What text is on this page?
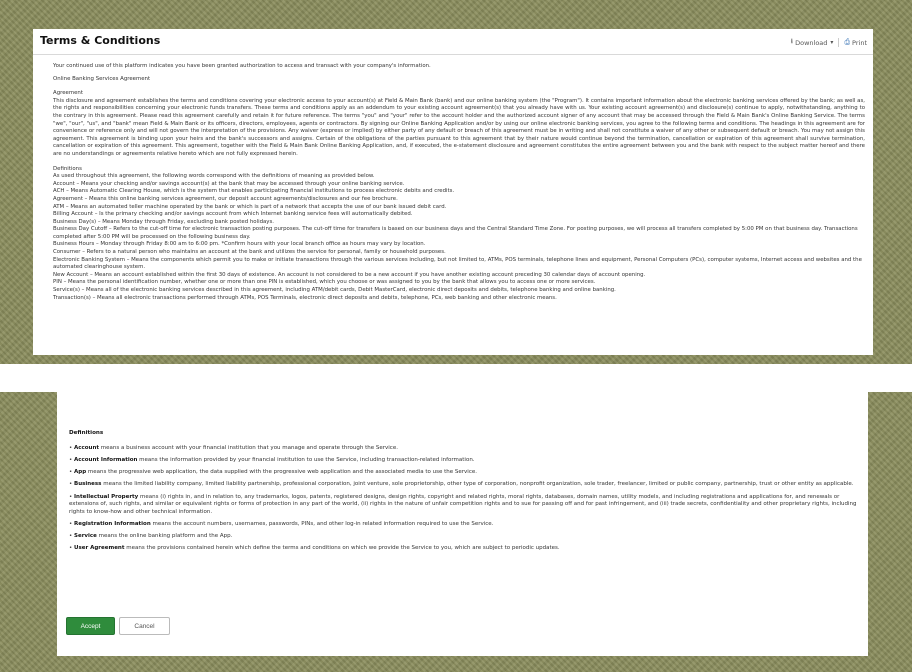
Terms & Conditions	⭳ Download ▾ ⎙ Print

Your continued use of this platform indicates you have been granted authorization to access and transact with your company's information.

Online Banking Services Agreement

Agreement

This disclosure and agreement establishes the terms and conditions covering your electronic access to your account(s) at Field & Main Bank (bank) and our online banking system (the "Program"). It contains important information about the electronic banking services offered by the bank; as well as, the rights and responsibilities concerning your electronic funds transfers. These terms and conditions apply as an addendum to your existing account agreement(s) that you already have with us. Your existing account agreement(s) and disclosure(s) continue to apply, notwithstanding, anything to the contrary in this agreement. Please read this agreement carefully and retain it for future reference. The terms "you" and "your" refer to the account holder and the authorized account signer of any account that may be accessed through the Field & Main Bank's Online Banking Service. The terms "we", "our", "us", and "bank" mean Field & Main Bank or its officers, directors, employees, agents or contractors. By signing our Online Banking Application and/or by using our online electronic banking services, you agree to the following terms and conditions. The headings in this agreement are for convenience or reference only and will not govern the interpretation of the provisions. Any waiver (express or implied) by either party of any default or breach of this agreement must be in writing and shall not constitute a waiver of any other or subsequent default or breach. You may not assign this agreement. This agreement is binding upon your heirs and the bank's successors and assigns. Certain of the obligations of the parties pursuant to this agreement that by their nature would continue beyond the termination, cancellation or expiration of this agreement shall survive termination, cancellation or expiration of this agreement. This agreement, together with the Field & Main Bank Online Banking Application, and, if executed, the e-statement disclosure and agreement constitutes the entire agreement between you and the bank with respect to the subject matter hereof and there are no understandings or agreements relative hereto which are not fully expressed herein.

Definitions

As used throughout this agreement, the following words correspond with the definitions of meaning as provided below.

Account – Means your checking and/or savings account(s) at the bank that may be accessed through your online banking service.

ACH – Means Automatic Clearing House, which is the system that enables participating financial institutions to process electronic debits and credits.

Agreement – Means this online banking services agreement, our deposit account agreements/disclosures and our fee brochure.

ATM – Means an automated teller machine operated by the bank or which is part of a network that accepts the use of our bank issued debit card.

Billing Account – Is the primary checking and/or savings account from which Internet banking service fees will automatically debited.

Business Day(s) – Means Monday through Friday, excluding bank posted holidays.

Business Day Cutoff – Refers to the cut-off time for electronic transaction posting purposes. The cut-off time for transfers is based on our business days and the Central Standard Time Zone. For posting purposes, we will process all transfers completed by 5:00 PM on that business day. Transactions completed after 5:00 PM will be processed on the following business day.

Business Hours – Monday through Friday 8:00 am to 6:00 pm. *Confirm hours with your local branch office as hours may vary by location.

Consumer – Refers to a natural person who maintains an account at the bank and utilizes the service for personal, family or household purposes.

Electronic Banking System – Means the components which permit you to make or initiate transactions through the various services including, but not limited to, ATMs, POS terminals, telephone lines and equipment, Personal Computers (PCs), computer systems, Internet access and websites and the automated clearinghouse system.

New Account – Means an account established within the first 30 days of existence. An account is not considered to be a new account if you have another existing account preceding 30 calendar days of account opening.

PIN – Means the personal identification number, whether one or more than one PIN is established, which you choose or was assigned to you by the bank that allows you to access one or more services.

Service(s) – Means all of the electronic banking services described in this agreement, including ATM/debit cards, Debit MasterCard, electronic direct deposits and debits, telephone banking and online banking.

Transaction(s) – Means all electronic transactions performed through ATMs, POS Terminals, electronic direct deposits and debits, telephone, PCs, web banking and other electronic means.

Definitions

• Account means a business account with your financial institution that you manage and operate through the Service.

• Account Information means the information provided by your financial institution to use the Service, including transaction-related information.

• App means the progressive web application, the data supplied with the progressive web application and the associated media to use the Service.

• Business means the limited liability company, limited liability partnership, professional corporation, joint venture, sole proprietorship, other type of corporation, nonprofit organization, sole trader, freelancer, limited or public company, partnership, trust or other entity as applicable.

• Intellectual Property means (i) rights in, and in relation to, any trademarks, logos, patents, registered designs, design rights, copyright and related rights, moral rights, databases, domain names, utility models, and including registrations and applications for, and renewals or extensions of, such rights, and similar or equivalent rights or forms of protection in any part of the world, (ii) rights in the nature of unfair competition rights and to sue for passing off and for past infringement, and (iii) trade secrets, confidentiality and other proprietary rights, including rights to know-how and other technical information.

• Registration Information means the account numbers, usernames, passwords, PINs, and other log-in related information required to use the Service.

• Service means the online banking platform and the App.

• User Agreement means the provisions contained herein which define the terms and conditions on which we provide the Service to you, which are subject to periodic updates.

Accept	Cancel
